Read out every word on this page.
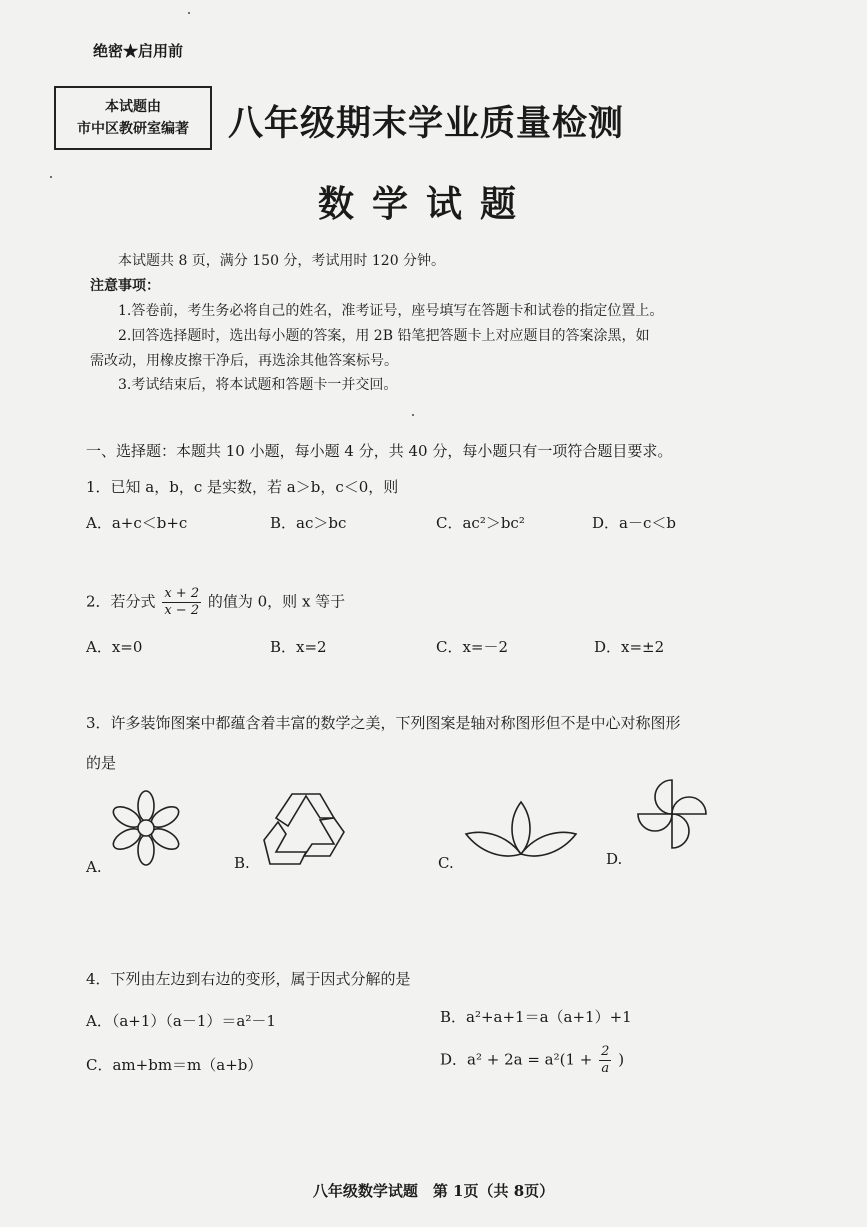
绝密★启用前
本试题由
市中区教研室编著	八年级期末学业质量检测
数学试题
本试题共 8 页，满分 150 分，考试用时 120 分钟。
注意事项：
1.答卷前，考生务必将自己的姓名，准考证号，座号填写在答题卡和试卷的指定位置上。
2.回答选择题时，选出每小题的答案，用 2B 铅笔把答题卡上对应题目的答案涂黑，如
需改动，用橡皮擦干净后，再选涂其他答案标号。
3.考试结束后，将本试题和答题卡一并交回。
一、选择题：本题共 10 小题，每小题 4 分，共 40 分，每小题只有一项符合题目要求。
1．已知 a，b，c 是实数，若 a＞b，c＜0，则
A．a+c＜b+c	B．ac＞bc	C．ac²＞bc²	D．a－c＜b
2．若分式 $\frac{x + 2}{x - 2}$ 的值为 0，则 x 等于
A．x=0	B．x=2	C．x=－2	D．x=±2
3．许多装饰图案中都蕴含着丰富的数学之美，下列图案是轴对称图形但不是中心对称图形
的是
A.	B.	C.	D.
4．下列由左边到右边的变形，属于因式分解的是
A．（a+1）（a－1）＝a²－1	B．a²+a+1＝a（a+1）+1
C．am+bm＝m（a+b）	D．$a^2 + 2a = a^2(1 + \frac{2}{a}$ )
八年级数学试题　第 1页（共 8页）
